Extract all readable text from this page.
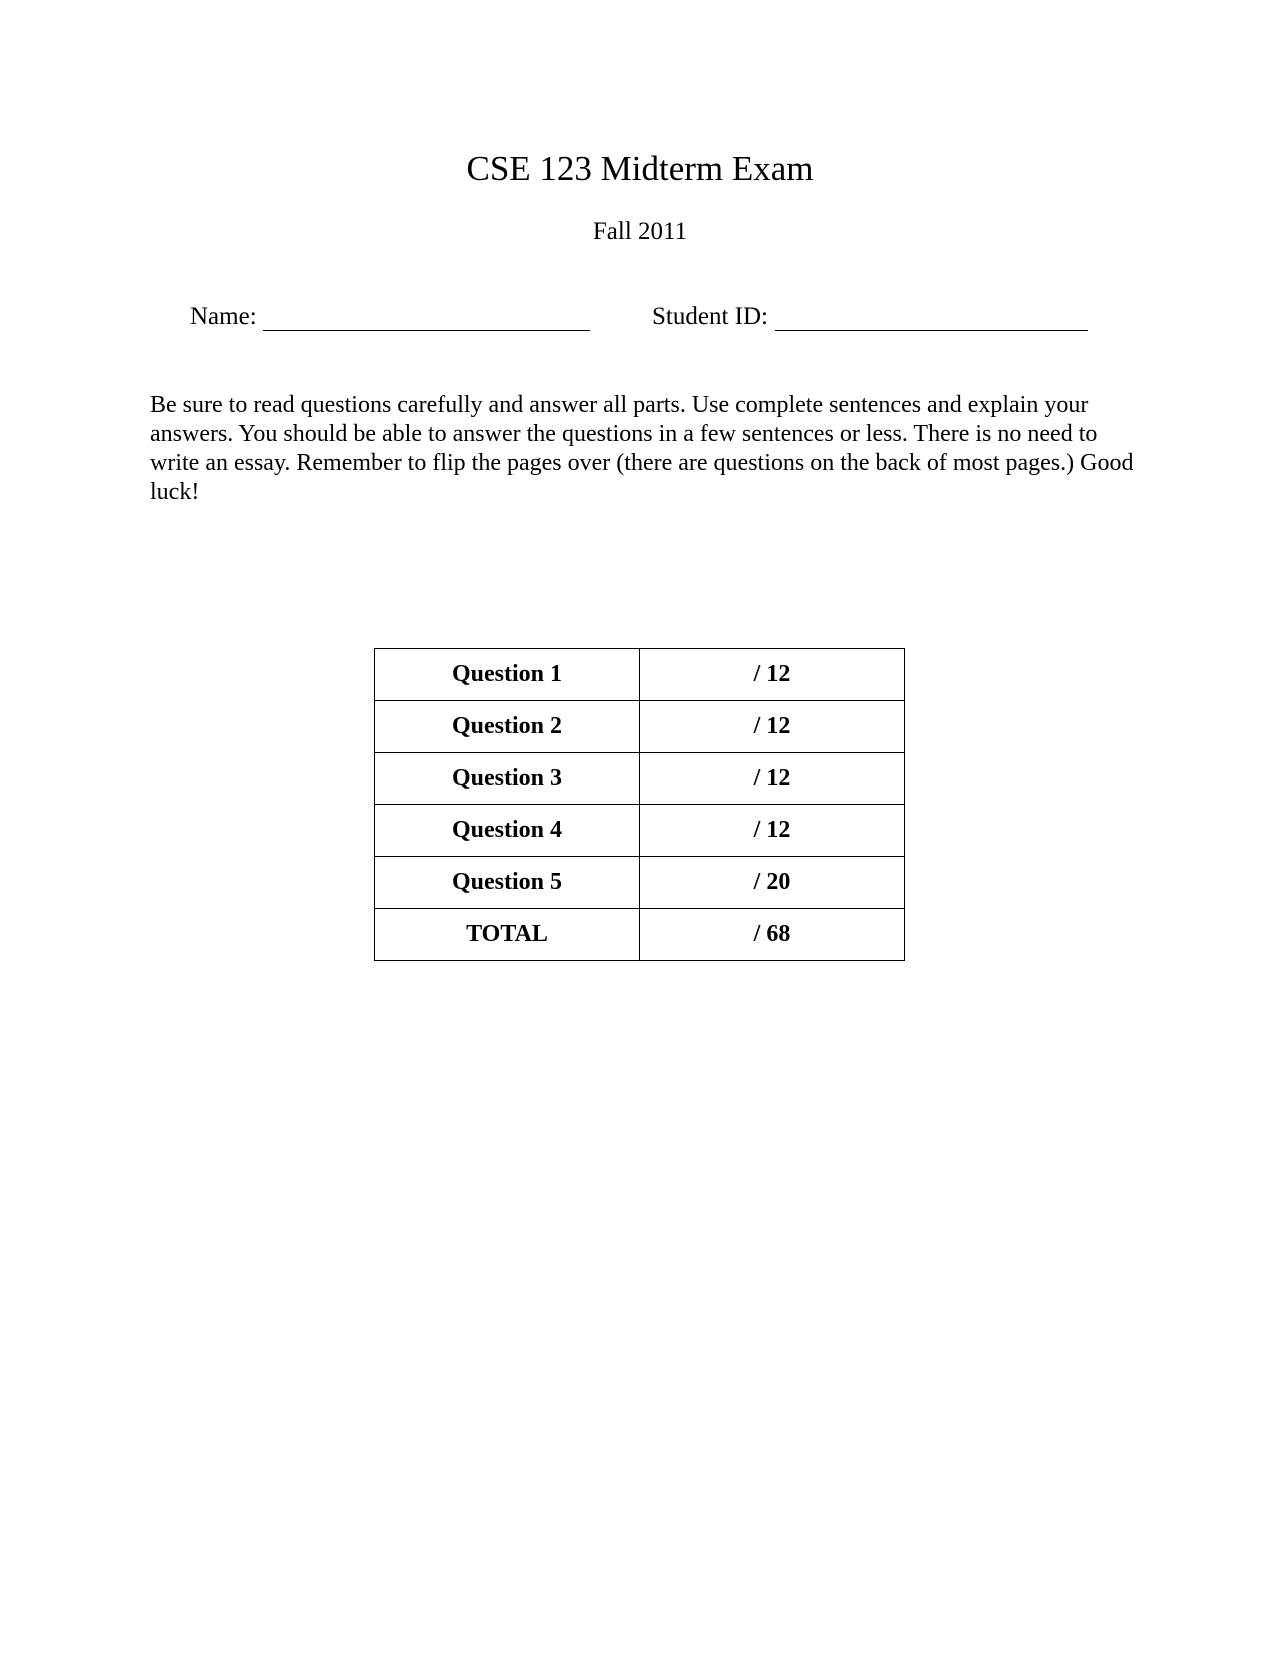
CSE 123 Midterm Exam
Fall 2011
Name:	Student ID:

Be sure to read questions carefully and answer all parts. Use complete sentences and explain your answers. You should be able to answer the questions in a few sentences or less. There is no need to write an essay. Remember to flip the pages over (there are questions on the back of most pages.) Good luck!

Question 1	/ 12
Question 2	/ 12
Question 3	/ 12
Question 4	/ 12
Question 5	/ 20
TOTAL	/ 68
